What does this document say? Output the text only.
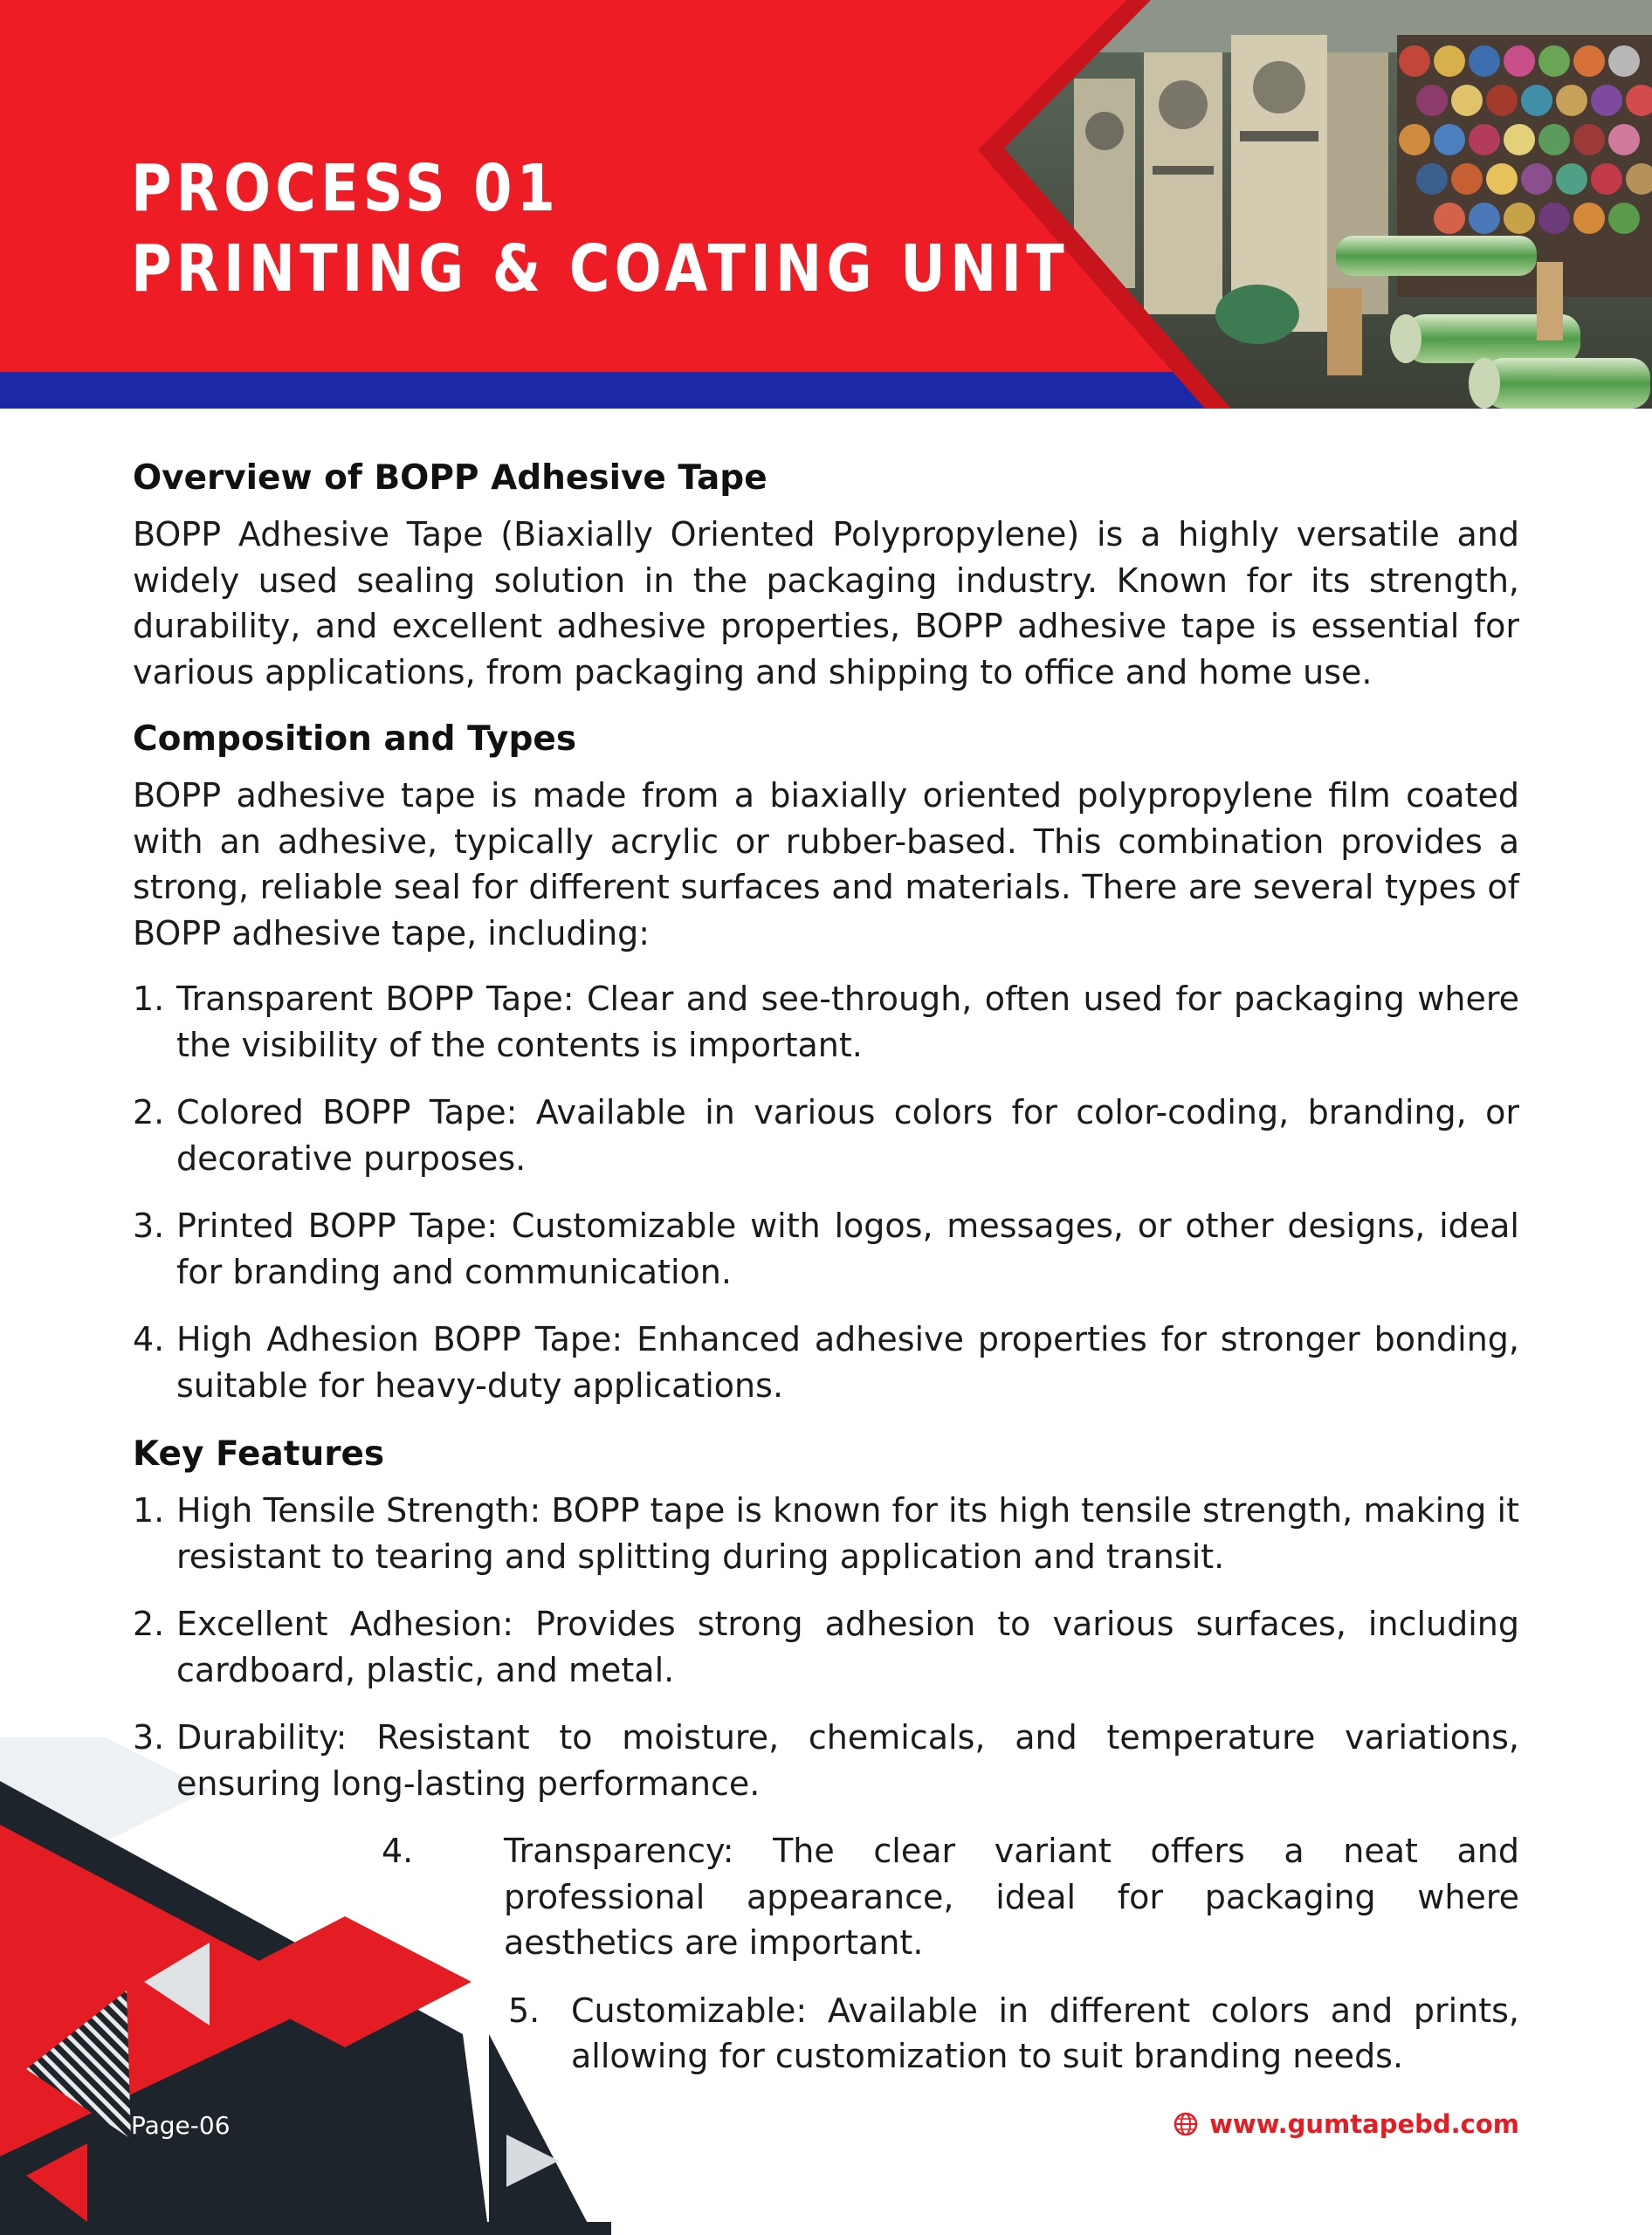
PROCESS 01
PRINTING & COATING UNIT
Overview of BOPP Adhesive Tape

BOPP Adhesive Tape (Biaxially Oriented Polypropylene) is a highly versatile and widely used sealing solution in the packaging industry. Known for its strength, durability, and excellent adhesive properties, BOPP adhesive tape is essential for various applications, from packaging and shipping to office and home use.

Composition and Types

BOPP adhesive tape is made from a biaxially oriented polypropylene film coated with an adhesive, typically acrylic or rubber-based. This combination provides a strong, reliable seal for different surfaces and materials. There are several types of BOPP adhesive tape, including:

1. Transparent BOPP Tape: Clear and see-through, often used for packaging where the visibility of the contents is important.
2. Colored BOPP Tape: Available in various colors for color-coding, branding, or decorative purposes.
3. Printed BOPP Tape: Customizable with logos, messages, or other designs, ideal for branding and communication.
4. High Adhesion BOPP Tape: Enhanced adhesive properties for stronger bonding, suitable for heavy-duty applications.
Key Features
1. High Tensile Strength: BOPP tape is known for its high tensile strength, making it resistant to tearing and splitting during application and transit.
2. Excellent Adhesion: Provides strong adhesion to various surfaces, including cardboard, plastic, and metal.
3. Durability: Resistant to moisture, chemicals, and temperature variations, ensuring long-lasting performance.
4.	Transparency: The clear variant offers a neat and professional appearance, ideal for packaging where aesthetics are important.
5. Customizable: Available in different colors and prints, allowing for customization to suit branding needs.
Page-06	www.gumtapebd.com
